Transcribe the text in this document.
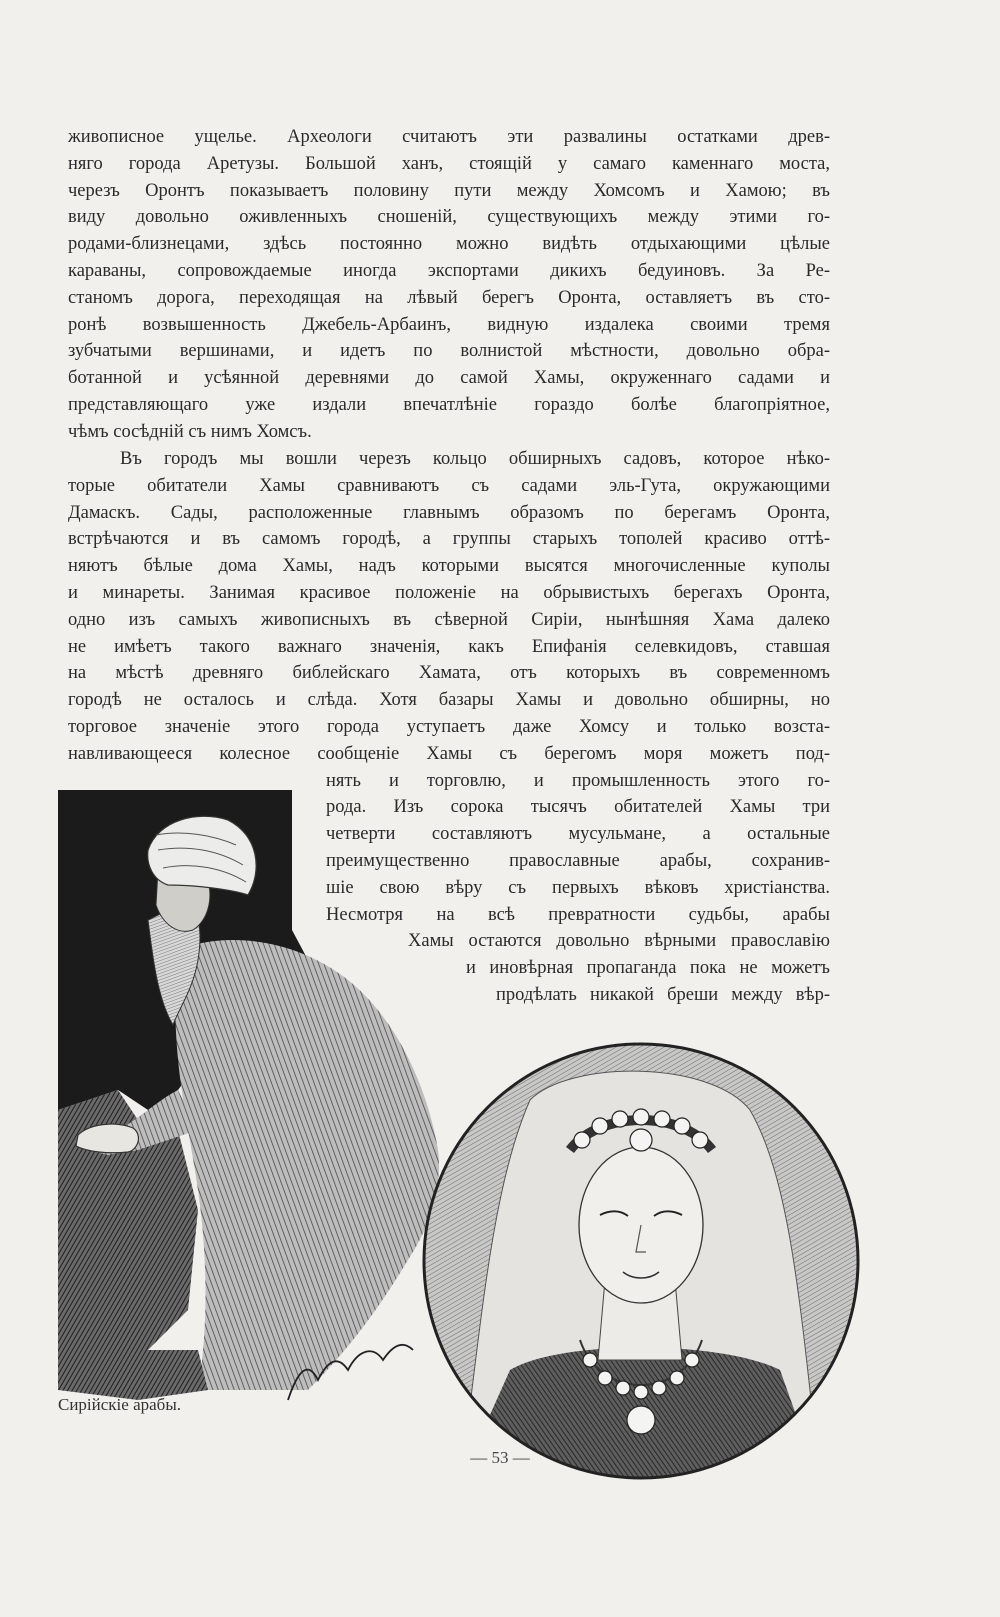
живописное ущелье. Археологи считаютъ эти развалины остатками древ-
няго города Аретузы. Большой ханъ, стоящій у самаго каменнаго моста,
черезъ Оронтъ показываетъ половину пути между Хомсомъ и Хамою; въ
виду довольно оживленныхъ сношеній, существующихъ между этими го-
родами-близнецами, здѣсь постоянно можно видѣть отдыхающими цѣлые
караваны, сопровождаемые иногда экспортами дикихъ бедуиновъ. За Ре-
станомъ дорога, переходящая на лѣвый берегъ Оронта, оставляетъ въ сто-
ронѣ возвышенность Джебель-Арбаинъ, видную издалека своими тремя
зубчатыми вершинами, и идетъ по волнистой мѣстности, довольно обра-
ботанной и усѣянной деревнями до самой Хамы, окруженнаго садами и
представляющаго уже издали впечатлѣніе гораздо болѣе благопріятное,
чѣмъ сосѣдній съ нимъ Хомсъ.
Въ городъ мы вошли черезъ кольцо обширныхъ садовъ, которое нѣко-
торые обитатели Хамы сравниваютъ съ садами эль-Гута, окружающими
Дамаскъ. Сады, расположенные главнымъ образомъ по берегамъ Оронта,
встрѣчаются и въ самомъ городѣ, а группы старыхъ тополей красиво оттѣ-
няютъ бѣлые дома Хамы, надъ которыми высятся многочисленные куполы
и минареты. Занимая красивое положеніе на обрывистыхъ берегахъ Оронта,
одно изъ самыхъ живописныхъ въ сѣверной Сиріи, нынѣшняя Хама далеко
не имѣетъ такого важнаго значенія, какъ Епифанія селевкидовъ, ставшая
на мѣстѣ древняго библейскаго Хамата, отъ которыхъ въ современномъ
городѣ не осталось и слѣда. Хотя базары Хамы и довольно обширны, но
торговое значеніе этого города уступаетъ даже Хомсу и только возста-
навливающееся колесное сообщеніе Хамы съ берегомъ моря можетъ под-
нять и торговлю, и промышленность этого го-
рода. Изъ сорока тысячъ обитателей Хамы три
четверти составляютъ мусульмане, а остальные
преимущественно православные арабы, сохранив-
шіе свою вѣру съ первыхъ вѣковъ христіанства.
Несмотря на всѣ превратности судьбы, арабы
Хамы остаются довольно вѣрными православію
и иновѣрная пропаганда пока не можетъ
продѣлать никакой бреши между вѣр-
Сирійскіе арабы.
— 53 —
